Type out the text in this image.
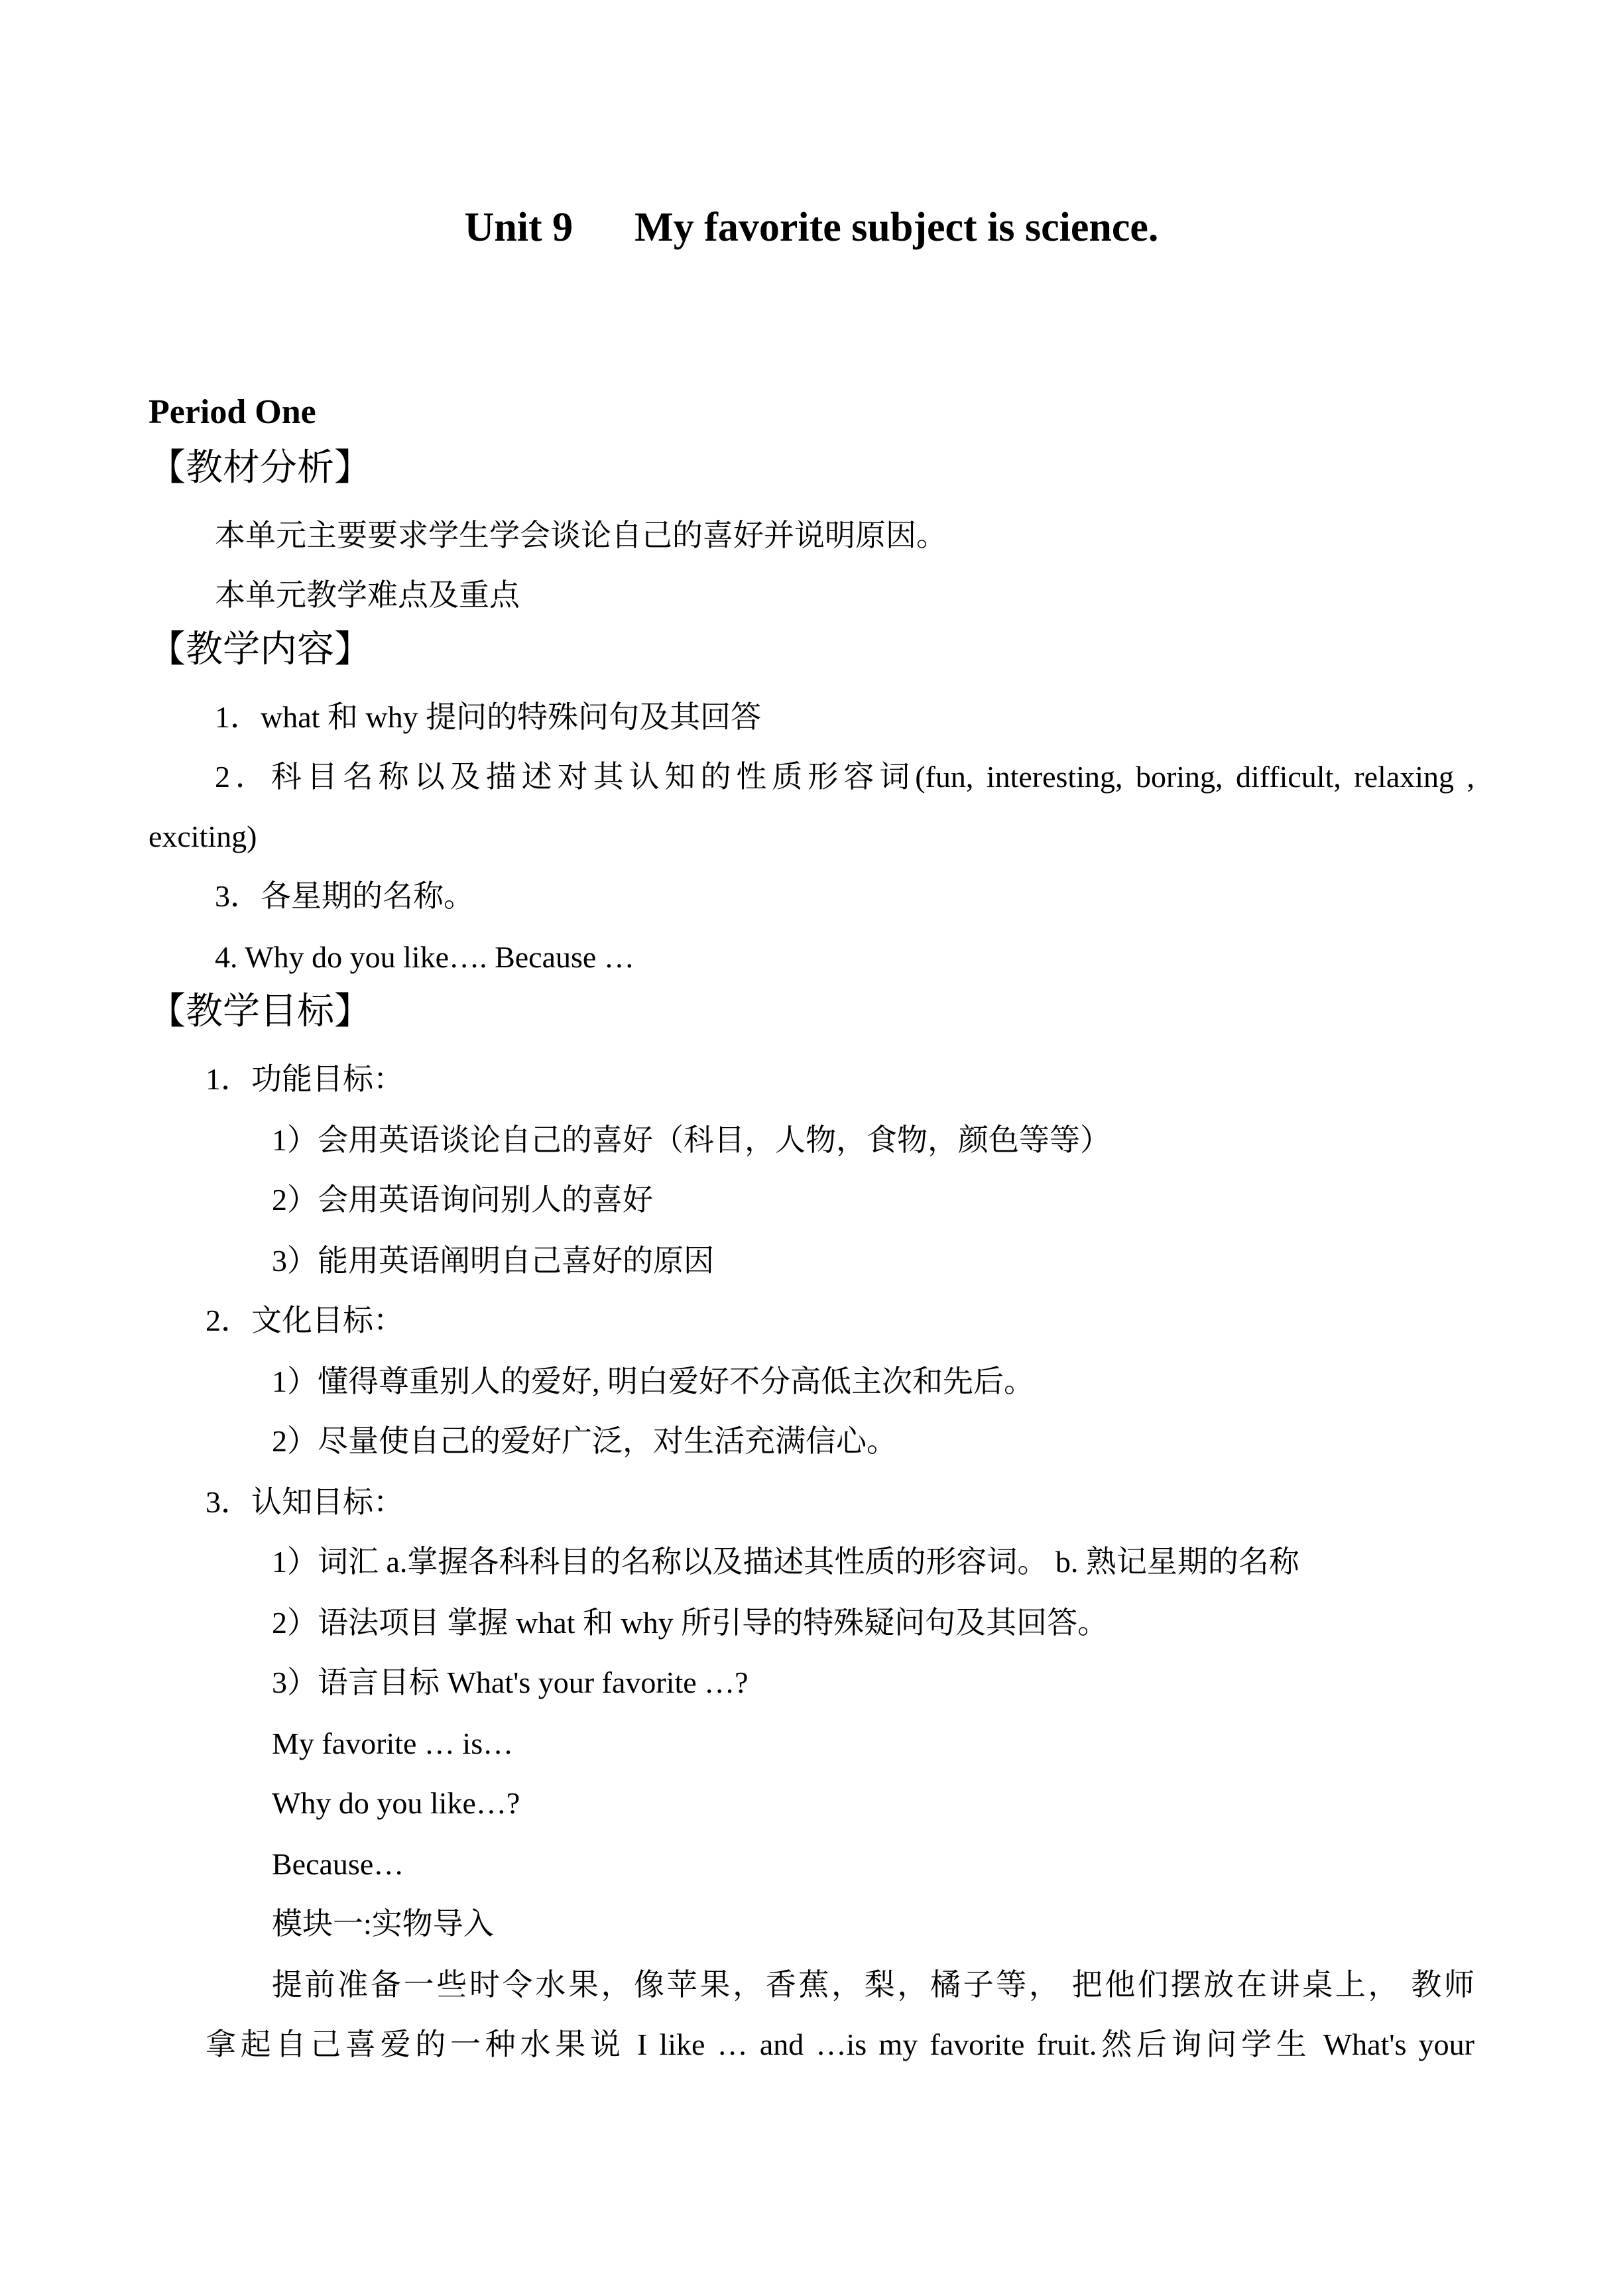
Unit 9      My favorite subject is science.
Period One
【教材分析】
本单元主要要求学生学会谈论自己的喜好并说明原因。
本单元教学难点及重点
【教学内容】
1．what 和 why 提问的特殊问句及其回答
2．科目名称以及描述对其认知的性质形容词(fun, interesting, boring, difficult, relaxing ,
exciting)
3．各星期的名称。
4. Why do you like…. Because …
【教学目标】
1．功能目标：
1）会用英语谈论自己的喜好（科目，人物，食物，颜色等等）
2）会用英语询问别人的喜好
3）能用英语阐明自己喜好的原因
2．文化目标：
1）懂得尊重别人的爱好, 明白爱好不分高低主次和先后。
2）尽量使自己的爱好广泛，对生活充满信心。
3．认知目标：
1）词汇 a.掌握各科科目的名称以及描述其性质的形容词。 b. 熟记星期的名称
2）语法项目 掌握 what 和 why 所引导的特殊疑问句及其回答。
3）语言目标 What's your favorite …?
My favorite … is…
Why do you like…?
Because…
模块一:实物导入
提前准备一些时令水果，像苹果，香蕉，梨，橘子等， 把他们摆放在讲桌上， 教师
拿起自己喜爱的一种水果说 I like … and …is my favorite fruit.然后询问学生 What's your
